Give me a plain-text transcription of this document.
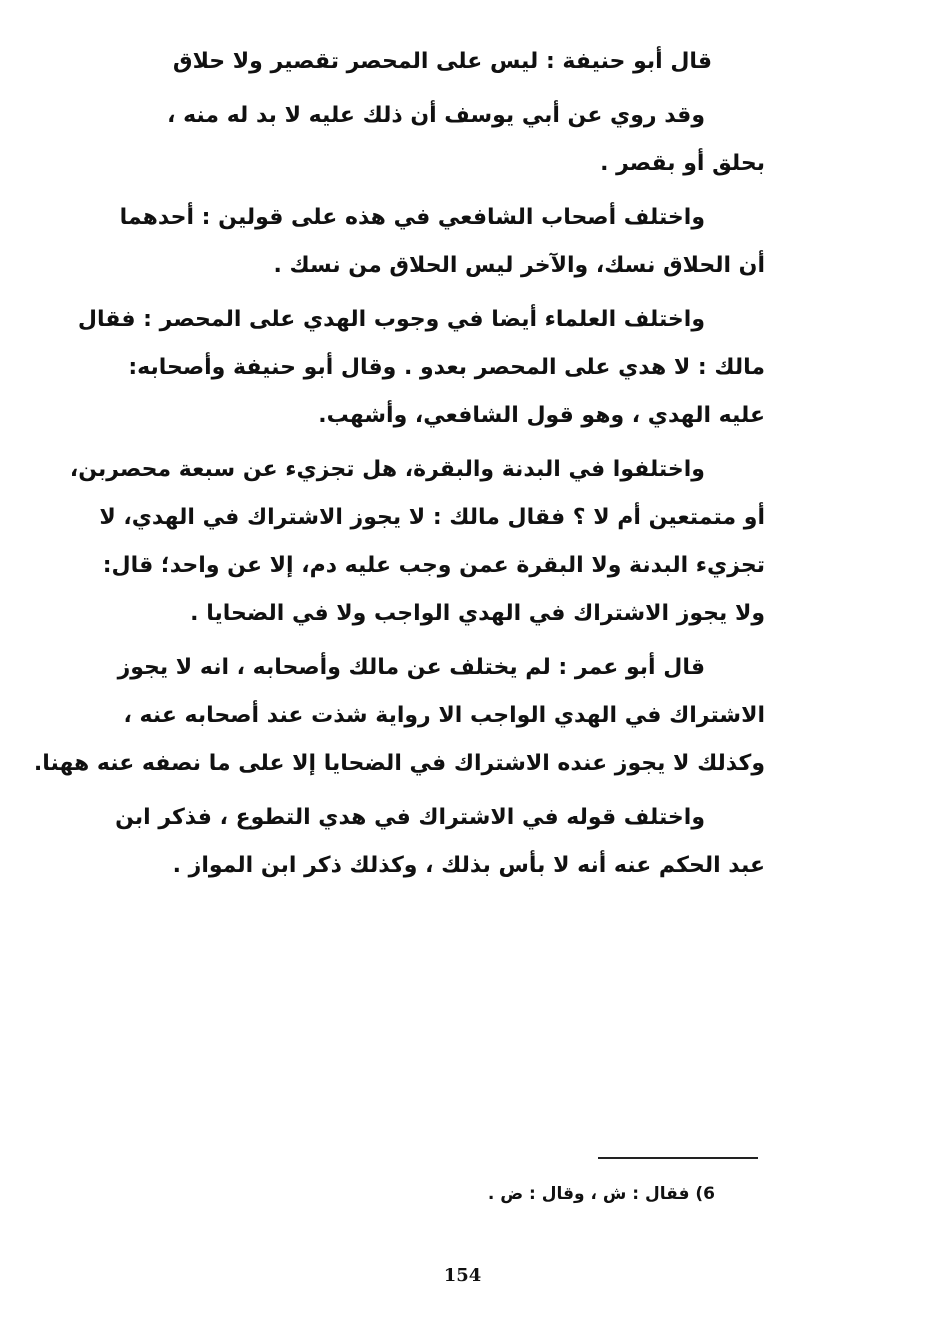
قال أبو حنيفة : ليس على المحصر تقصير ولا حلاق
وقد روي عن أبي يوسف أن ذلك عليه لا بد له منه ،
بحلق أو بقصر .
واختلف أصحاب الشافعي في هذه على قولين : أحدهما
أن الحلاق نسك، والآخر ليس الحلاق من نسك .
واختلف العلماء أيضا في وجوب الهدي على المحصر : فقال
مالك : لا هدي على المحصر بعدو . وقال أبو حنيفة وأصحابه:
عليه الهدي ، وهو قول الشافعي، وأشهب.
واختلفوا في البدنة والبقرة، هل تجزيء عن سبعة محصربن،
أو متمتعين أم لا ؟ فقال مالك : لا يجوز الاشتراك في الهدي، لا
تجزيء البدنة ولا البقرة عمن وجب عليه دم، إلا عن واحد؛ قال:
ولا يجوز الاشتراك في الهدي الواجب ولا في الضحايا .
قال أبو عمر : لم يختلف عن مالك وأصحابه ، انه لا يجوز
الاشتراك في الهدي الواجب الا رواية شذت عند أصحابه عنه ،
وكذلك لا يجوز عنده الاشتراك في الضحايا إلا على ما نصفه عنه ههنا.
واختلف قوله في الاشتراك في هدي التطوع ، فذكر ابن
عبد الحكم عنه أنه لا بأس بذلك ، وكذلك ذكر ابن المواز .
6) فقال : ش ، وقال : ض .
154
